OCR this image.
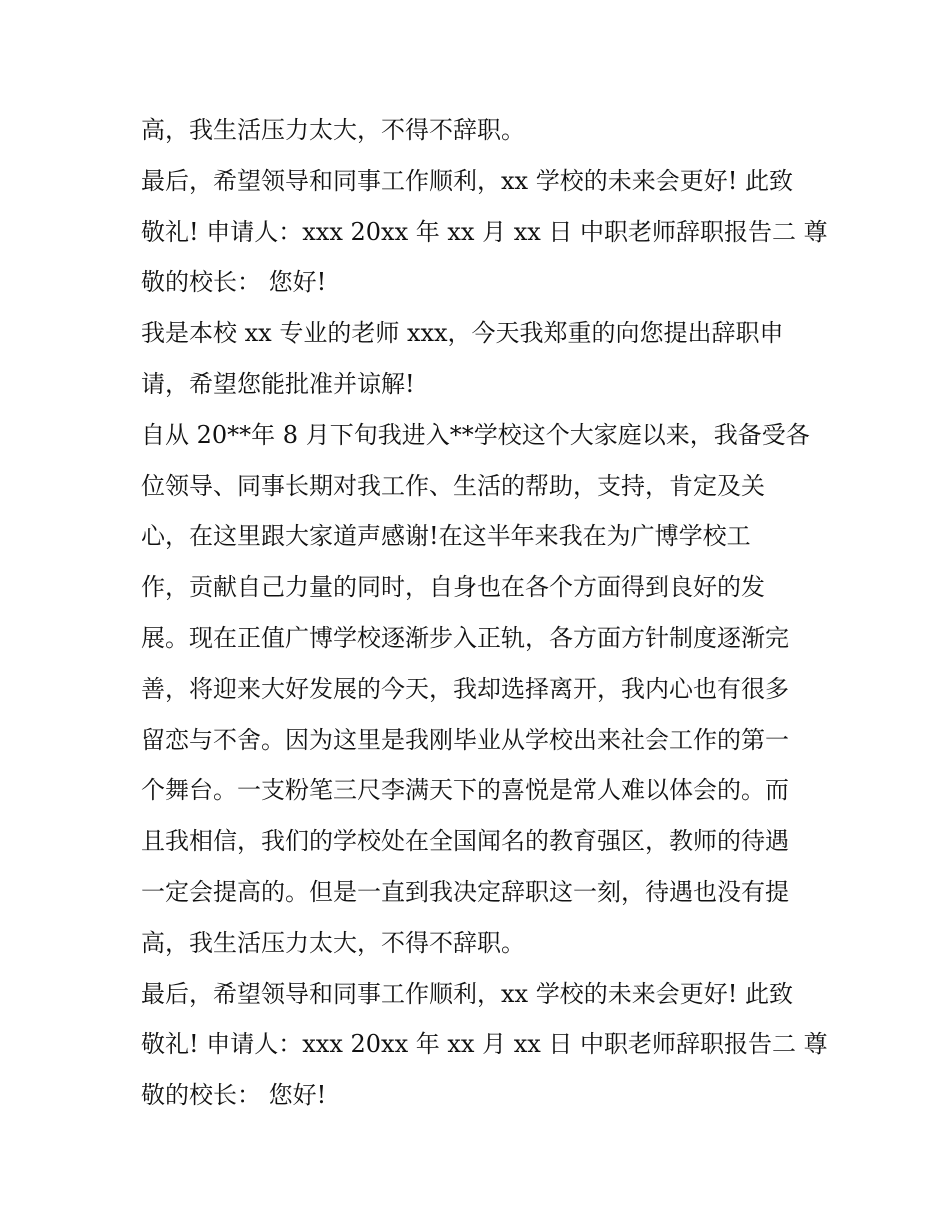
高，我生活压力太大，不得不辞职。
最后，希望领导和同事工作顺利，xx 学校的未来会更好! 此致
敬礼! 申请人：xxx 20xx 年 xx 月 xx 日 中职老师辞职报告二 尊
敬的校长： 您好!
我是本校 xx 专业的老师 xxx，今天我郑重的向您提出辞职申
请，希望您能批准并谅解!
自从 20**年 8 月下旬我进入**学校这个大家庭以来，我备受各
位领导、同事长期对我工作、生活的帮助，支持，肯定及关
心，在这里跟大家道声感谢!在这半年来我在为广博学校工
作，贡献自己力量的同时，自身也在各个方面得到良好的发
展。现在正值广博学校逐渐步入正轨，各方面方针制度逐渐完
善，将迎来大好发展的今天，我却选择离开，我内心也有很多
留恋与不舍。因为这里是我刚毕业从学校出来社会工作的第一
个舞台。一支粉笔三尺李满天下的喜悦是常人难以体会的。而
且我相信，我们的学校处在全国闻名的教育强区，教师的待遇
一定会提高的。但是一直到我决定辞职这一刻，待遇也没有提
高，我生活压力太大，不得不辞职。
最后，希望领导和同事工作顺利，xx 学校的未来会更好! 此致
敬礼! 申请人：xxx 20xx 年 xx 月 xx 日 中职老师辞职报告二 尊
敬的校长： 您好!
